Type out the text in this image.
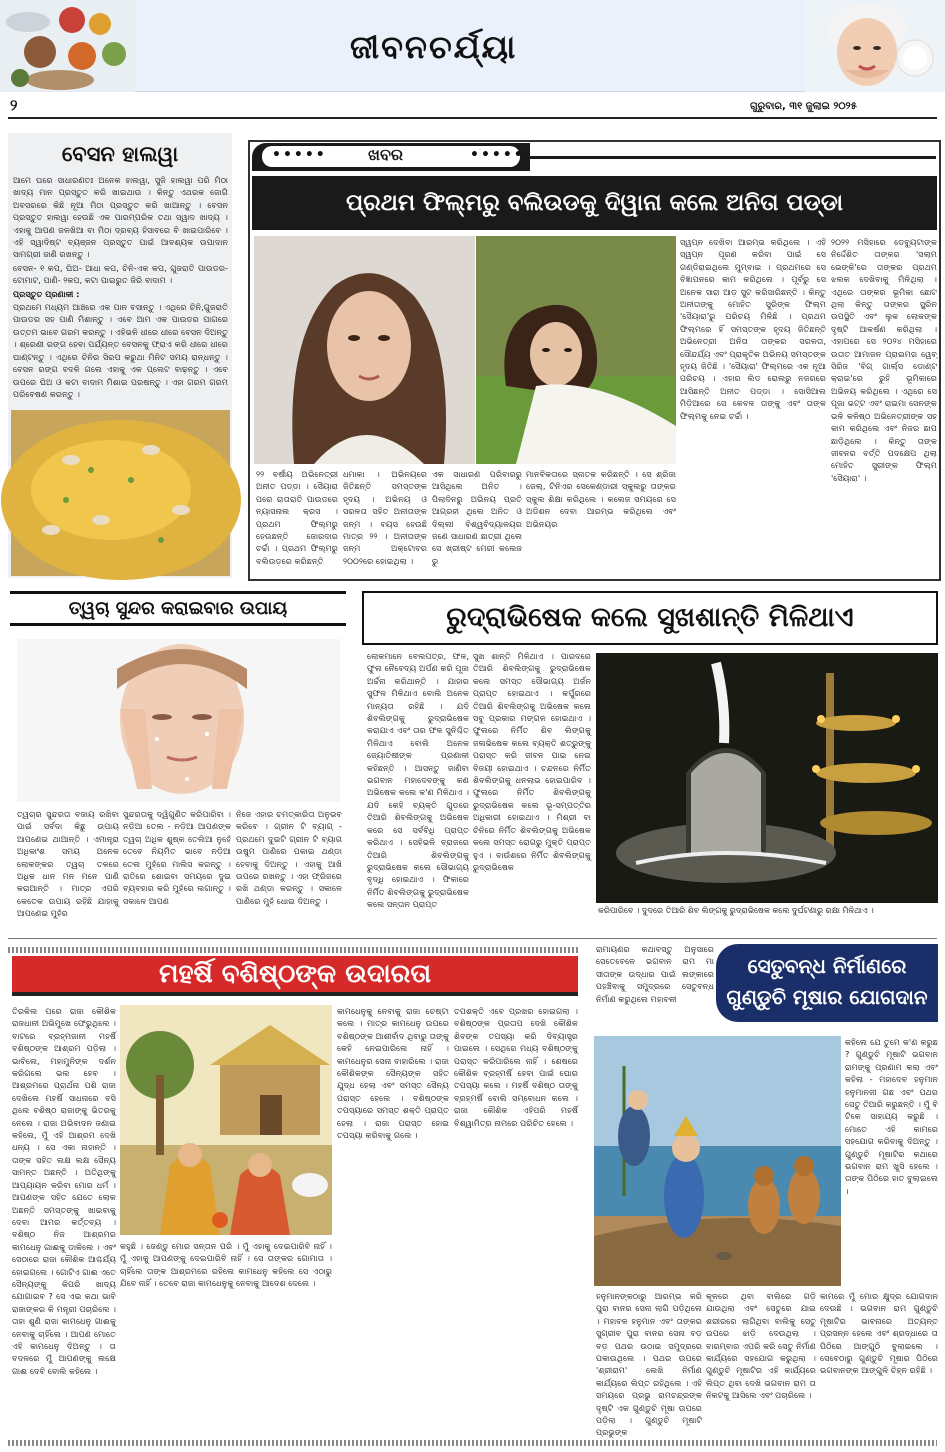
ଜୀବନଚର୍ଯ୍ୟା
୨	ଗୁରୁବାର, ୩୧ ଜୁଲାଇ ୨୦୨୫
ବେସନ ହାଲୱା

ଆମେ ଘରେ ସାଧାରଣତଃ ଅନେକ ହାଲୱା, ସୁଜି ହାଲୱା ପରି ମିଠା ଖାଦ୍ୟ ମାନ ପ୍ରସ୍ତୁତ କରି ଖାଇଥାଉ । କିନ୍ତୁ ଏଥରକ ଜୋଗି ଅବସରରେ କିଛି ନୂଆ ମିଠା ପ୍ରସ୍ତୁତ କରି ଖାଆନ୍ତୁ । ବେସନ ପ୍ରସ୍ତୁତ ହାଲୱା ହେଉଛି ଏକ ପାରମ୍ପରିକ ତଥା ସ୍ୱାଦ ଖାଦ୍ୟ । ଏହାକୁ ଆପଣ ଜଳଖିଆ ବା ମିଠା ଦ୍ରବ୍ୟ ହିସାବରେ ବି ଖାଇପାରିବେ । ଏହି ସ୍ୱାଦିଷ୍ଟ ବ୍ୟଞ୍ଜନ ପ୍ରସ୍ତୁତ ପାଇଁ ଆବଶ୍ୟକ ଉପାଦାନ ସାମଗ୍ରୀ ଜାଣି ରଖନ୍ତୁ ।

ବେସନ- ୧ କପ, ଘିଅ- ଆଧା କପ, ଚିନି-ଏକ କପ, ଗୁଜରାତି ପାଉଡର- ଟୋମାଟ, ପାଣି- ୨କପ, କଟା ପାଇରୁତ ଜିରି ବାଦାମ ।

ପ୍ରସ୍ତୁତ ପ୍ରଣାଳୀ :

ପ୍ରଥମେ ମଧ୍ୟମ ଆଞ୍ଚରେ ଏକ ପାନ ବସାନ୍ତୁ । ଏଥିରେ ଚିନି,ଗୁଜରାତି ପାଉଡର ସହ ପାଣି ମିଶାନ୍ତୁ । ଏବେ ଆମ ଏକ ପାଉଡର ପାଗରେ ଉତ୍ତମ ଭାବେ ଗରମ କରନ୍ତୁ । ଏହିଭଳି ଧୀରେ ଧୀରେ ବେସନ ଦିଅନ୍ତୁ । ଶ୍ରେଣୀ ରଙ୍ଗ ହେବା ପର୍ଯ୍ୟନ୍ତ ବେସନକୁ ଫ୍ରାଏ କରି ଧୀରେ ଧୀରେ ଘାଣ୍ଟନ୍ତୁ । ଏଥିରେ ଚିନିର ସିରପ କରୁଥା ମିନିଟ ସମୟ ରାନ୍ଧନ୍ତୁ । ବେସନ ରଙ୍ଗ ବଦଳି ଗଲେ ଏହାକୁ ଏକ ପ୍ଲେଟ ବାଢ଼ନ୍ତୁ । ଏବେ ଉପରେ ଘିଅ ଓ କଟା ବାଦାମ ମିଶାଇ ପରଷନ୍ତୁ । ଏହା ଗରମ ଗରମ ପରିବେଷଣ କରନ୍ତୁ ।

•••••	ଖବର	•••••
ପ୍ରଥମ ଫିଲ୍ମରୁ ବଲିଉଡକୁ ଦିୱାନା କଲେ ଅନିତା ପଡ୍ଡା
୨୨ ବର୍ଷୀୟ ଅଭିନେତ୍ରୀ ଅନୀତ ପଡ୍ଡା । ସୈୟାରା ପରେ ରାତାରାତି ପାଉଡରେ ନ୍ୟାସନାଲ କ୍ରସ । ପ୍ରଥମ ଫିଲ୍ମରୁ ହେଉଛନ୍ତି ଜୋରଦାର ଚର୍ଚ୍ଚା । ପ୍ରଥମ ଫିଲ୍ମରୁ ବଲିଉଡ଼ରେ କରିଛନ୍ତି
ଧମାକା । ଅଭିନୟରେ ଜିତିଛନ୍ତି ସମସ୍ତଙ୍କ ହୃଦୟ । ଅଭିନୟ ଓ ସରଳତା ସହିତ ଅନୀତାଙ୍କ ଜନ୍ମ । ବୟସ ହେଉଛି ମାତ୍ର ୨୨ । ଅନୀତାଙ୍କ ଜନ୍ମ ଅକ୍ଟୋବର ୨୦୦୨ରେ ହୋଇଥିଲା ।
ଏକ ସାଧାରଣ ପରିବାରରୁ ଆସିଥିଲେ ଅନିତ । ପିଲାଦିନରୁ ଅଭିନୟ ପ୍ରତି ଆଗ୍ରହୀ ଥିଲେ ଅନିତ ଓ ଦିଲ୍ଲୀ ବିଶ୍ୱବିଦ୍ୟାଳୟର ଜଣେ ସାଧାରଣ ଛାତ୍ରୀ ଥିଲେ ସେ ଖ୍ରୀଷ୍ଟ ମେରୀ କଲେଜ ରୁ
ମାନବିକତାରେ ସ୍ନାତକ କରିଛନ୍ତି । ସେ ଶ୍ରିଜା ଜେଲ୍, ଟିନିଏର ସେକେଣ୍ଡାରୀ ସ୍କୁଲରୁ ତାଙ୍କର ସ୍କୁଲ ଶିକ୍ଷା କରିଥିଲେ । କଲେଜ ସମୟରେ ସେ ଅଡିଶନ ଦେବା ଆରମ୍ଭ କରିଥିଲେ ଏବଂ ଅଭିନୟର
ସ୍ୱପ୍ନ ଦେଖିବା ଆରମ୍ଭ କରିଥିଲେ । ଏହି ସ୍ୱପ୍ନ ପୂରଣ କରିବା ପାଇଁ ସେ ଗଣ୍ଡିରାଇଥିଲେ ମୁମ୍ବାଇ । ପ୍ରଥମରେ ସେ ବିଜ୍ଞାପନରେ କାମ କରିଥିଲେ । ପୂର୍ବରୁ ସେ ଅନେକ ସାରା ଆଡ଼ ସୁଟ କରିସାରିଛନ୍ତି । କିନ୍ତୁ ଅନୀତାଙ୍କୁ ମୋହିତ ସୁରିଙ୍କ ଫିଲ୍ମ 'ସୈୟାରା'ରୁ ପରିଚୟ ମିଳିଛି । ପ୍ରଥମ ଫିଲ୍ମରେ ହିଁ ସମସ୍ତଙ୍କ ହୃଦୟ ଜିତିଛନ୍ତି ଅଭିନେତ୍ରୀ ଅନିତା ତାଙ୍କର ସରଳତା, ସୌନ୍ଦର୍ଯ୍ୟ ଏବଂ ପ୍ରାକୃତିକ ଅଭିନୟ ସମସ୍ତଙ୍କ ହୃଦୟ ଜିତିଛି । 'ସୈୟାରା' ଫିଲ୍ମରେ ଏକ ନୂଆ ପରିଚୟ । ଏହାର ଲିଡ ରୋଲରୁ ନଜରରେ ଆସିଛନ୍ତି ଅନୀତ ପଡ୍ଡା । ସୋସିଆଲ ମିଡ଼ିଆରେ ସେ କେବଳ ତାଙ୍କୁ ଏବଂ ତାଙ୍କ ଫିଲ୍ମକୁ ନେଇ ଚର୍ଚ୍ଚା ।
୨୦୨୨ ମସିହାରେ ଡେବ୍ୟୁଟାଙ୍କ ନିର୍ଦ୍ଦେଶିତ ତାଙ୍କର 'ସଲାମ ଭେଙ୍କି'ରେ ତାଙ୍କର ପ୍ରଥମ ଝଲକ ଦେଖିବାକୁ ମିଳିଥିଲା । ଏଥିରେ ତାଙ୍କର ଭୂମିକା ଛୋଟ ଥିଲା କିନ୍ତୁ ତାଙ୍କର ସ୍କ୍ରିନ ଉପସ୍ଥିତି ଏବଂ ଲୁକ ଲୋକଙ୍କ ଦୃଷ୍ଟି ଆକର୍ଷଣ କରିଥିଲା । ଏହାପରେ ସେ ୨୦୨୪ ମସିହାରେ ଉତାତ ଆମାଜନ ପ୍ରାଇମର ୱେବ୍ ସିରିଜ 'ବିଗ୍ ଗାର୍ଲ୍ସ ଡୋଣ୍ଟ କ୍ରାଇ'ରେ ରୁହି ଭୂମିକାରେ ଅଭିନୟ କରିଥିଲେ । ଏଥିରେ ସେ ପୂଜା ଭଟ୍ଟ ଏବଂ ରାଇମା ସେନଙ୍କ ଭଳି କଳିଷ୍ଠ ଅଭିନେତ୍ରୀଙ୍କ ସହ କାମ କରିଥିଲେ ଏବଂ ନିଜର ଛାପ ଛାଡ଼ିଥିଲେ । କିନ୍ତୁ ତାଙ୍କ ଜୀବନର ବର୍ତ୍ତି ପଦକ୍ଷେପ ଥିଲା ମୋହିତ ସୁରୀଙ୍କ ଫିଲ୍ମ 'ସୈୟାରା' ।
ତ୍ୱଚା ସୁନ୍ଦର କରାଇବାର ଉପାୟ
ତ୍ୱଚାର ସୁନ୍ଦରତା ବଜାୟ ରଖିବା ପାଇଁ ସର୍ବଦା କିଛୁ ଉପାୟ ଆପଣେଇ ଥାଆନ୍ତି । ଏମାନ୍ତ୍ରା ଅଧିକାଂଶ ସମୟ ଅନେକ ଲୋକଙ୍କର ତ୍ୱଚା ତଳରେ ଅଧିକ ଧାନ ମନ ମନେ ପାଣି କରାଆନ୍ତି । ମାତ୍ର ଏପରି କେତେକ ଉପାୟ ରହିଛି ଯାହାକୁ ଆପଣେଇ ମୁହଁର
ସୁନ୍ଦରତାକୁ ଦ୍ୱିଗୁଣିତ କରିପାରିବା । ନଡ଼ିଆ ତେଲ - ନଡ଼ିଆ ଆପଣଙ୍କ ତ୍ୱଚା ଅଧିକ ଶୁଷ୍କ ତେଲିଆ ନୁହେଁ ତେବେ ନିୟମିତ ଭାବେ ନଡ଼ିଆ ତେଲ ମୁହଁରେ ମାଲିସ କରନ୍ତୁ । ରାତିରେ ଶୋଇବା ସମୟରେ ଦୁଇ ବ୍ୟବହାର କରି ମୁହଁରେ ଲଗାନ୍ତୁ । ସକାଳେ ଆପଣ
ନିଜେ ଏହାର ଚମତ୍କାରିତା ଅନୁଭବ କରିବେ । ଗ୍ରୀନ ଟି ବ୍ୟାଗ୍ - ପ୍ରଥମେ ଦୁଇଟି ଗ୍ରୀନ ଟି ବ୍ୟାଗ ଉଷୁମ ପାଣିରେ ପକାଇ ଥଣ୍ଡା ହେବାକୁ ଦିଅନ୍ତୁ । ଏହାକୁ ଆଖି ଉପରେ ରଖନ୍ତୁ । ଏହା ଫ୍ରିଜରେ ରଖି ଥଣ୍ଡା କରନ୍ତୁ । ସକାଳେ ପାଣିରେ ମୁହଁ ଧୋଇ ଦିଅନ୍ତୁ ।
ରୁଦ୍ରାଭିଷେକ କଲେ ସୁଖଶାନ୍ତି ମିଳିଥାଏ
ଲୋକମାନେ ବେଲପତ୍ର, ଫଳ, ଫୁଲ ନୈବେଦ୍ୟ ଅର୍ପଣ କରି ପୂଜା ଅର୍ଚ୍ଚନା କରିଥାନ୍ତି । ଯାହାର ସୁଫଳ ମିଳିଥାଏ ବୋଲି ଅନେକ ମାନ୍ୟତା ରହିଛି । ଯଦି ଶିବଲିଙ୍ଗକୁ ରୁଦ୍ରାଭିଷେକ କରାଯାଏ ଏବଂ ତାର ଫଳ ସୁନିଶ୍ଚିତ ମିଳିଥାଏ ବୋଲି ଅନେକ ଜ୍ୟୋତିଷୀଙ୍କ ପ୍ରଣାଳୀ କହିଛନ୍ତି । ଆସନ୍ତୁ ଜାଣିବା ଭଗବାନ ମହାଦେବଙ୍କୁ କଣ ଅଭିଷେକ କଲେ କ'ଣ ମିଳିଥାଏ । ଯଦି କେହି ବ୍ୟକ୍ତି ଗୁଡରେ ତିଆରି ଶିବଲିଙ୍ଗକୁ ଅଭିଷେକ କରେ ସେ ସର୍ବବିଧି ପ୍ରାପ୍ତ କରିଥାଏ । ସେହିଭଳି ବ୍ରାଜରେ ତିଆରି ଶିବଲିଙ୍ଗକୁ ରୁଦ୍ରାଭିଷେକ କଲେ ସୌଭାଗ୍ୟ ବୃଦ୍ଧି ହୋଇଥାଏ । ଫିକାରେ ନିର୍ମିତ ଶିବଲିଙ୍ଗକୁ ରୁଦ୍ରାଭିଷେକ କଲେ ସନ୍ତାନ ପ୍ରାପ୍ତ
ସୁଖ ଶାନ୍ତି ମିଳିଥାଏ । ପାରଦରେ ତିଆରି ଶିବଲିଙ୍ଗକୁ ରୁଦ୍ରାଭିଷେକ କଲେ ସମସ୍ତ ସୌଭାଗ୍ୟ ଅର୍ଜନ ପ୍ରାପ୍ତ ହୋଇଥାଏ । କର୍ପୁରରେ ତିଆରି ଶିବଲିଙ୍ଗକୁ ଅଭିଷେକ କଲେ ସବୁ ପ୍ରକାର ମଙ୍ଗଳ ହୋଇଥାଏ । ଫୁଲରେ ନିର୍ମିତ ଶିବ ଲିଙ୍ଗକୁ ଜଳାଭିଷେକ କଲେ ବ୍ୟକ୍ତି ଶତ୍ରୁଙ୍କୁ ପରାସ୍ତ କରି ଜୀବନ ପାଇ ନେଇ ବିଜୟୀ ହୋଇଥାଏ । ଚନ୍ଦନରେ ନିର୍ମିତ ଶିବଲିଙ୍ଗକୁ ଧନଲାଭ ହୋଇପାରିବ । ଫୁଲରେ ନିର୍ମିତ ଶିବଲିଙ୍ଗକୁ ରୁଦ୍ରାଭିଷେକ କଲେ ଭୂ-ସମ୍ପତ୍ତିର ଅଧିକାରୀ ହୋଇଥାଏ । ମିଶ୍ରୀ ବା ଚିନିରେ ନିର୍ମିତ ଶିବଲିଙ୍ଗକୁ ଅଭିଷେକ କଲେ ସମସ୍ତ ରୋଗରୁ ମୁକ୍ତି ପ୍ରାପ୍ତ ହୁଏ । ବାଉଁଶରେ ନିର୍ମିତ ଶିବଲିଙ୍ଗକୁ ରୁଦ୍ରାଭିଷେକ
କରିପାରିବେ । ଦୁଦରେ ତିଆରି ଶିବ ଲିଙ୍ଗକୁ ରୁଦ୍ରାଭିଷେକ କଲେ ଦୁର୍ଘଟଣାରୁ ରକ୍ଷା ମିଳିଥାଏ ।
ମହର୍ଷି ବଶିଷ୍ଠଙ୍କ ଉଦାରତା
ତିରକିଲ ପରେ ରାଜା କୌଶିକ ରାଜଧାନୀ ଅଭିମୁଖେ ଫେରୁଥିଲେ । ବାଟରେ ବ୍ରହ୍ମଜାନୀ ମହର୍ଷି ବଶିଷ୍ଠଙ୍କ ଆଶ୍ରମ ପଡ଼ିଲା । ଭାବିଲେ, ମହାମୁନିଙ୍କ ଦର୍ଶନ କରିଗଲେ ଭଲ ହେବ । ଆଶ୍ରମରେ ପ୍ରାର୍ଥନା ପଶି ରାଜା ଦେଖିଲେ ମହର୍ଷି ସାଧନାରେ ବସି ଥିଲେ ବଶିଷ୍ଠ ରାଜାଙ୍କୁ ଭିତରକୁ ନେଲେ । ରାଜା ଅଭିବାଦନ ଜଣାଇ କହିଲେ, ମୁଁ ଏହି ଆଶ୍ରମ ଦେଖି ଧନ୍ୟ । ସେ ଏକା ନାହାନ୍ତି । ତାଙ୍କ ସହିତ ଲକ୍ଷ ଲକ୍ଷ ସୈନ୍ୟ ସାମନ୍ତ ଅଛନ୍ତି । ଅତିଥିଙ୍କୁ ଆପ୍ୟାୟନ କରିବା ମୋର ଧର୍ମ । ଆପଣଙ୍କ ସହିତ ଯେତେ ଲୋକ ଅଛନ୍ତି ସମସ୍ତଙ୍କୁ ଖାଇବାକୁ ଦେବା ଆମର କର୍ତ୍ତବ୍ୟ । ବଶିଷ୍ଠ ନିଜ ଆଶ୍ରମର କାମଧେନୁ ଗାଈକୁ ଡାକିଲେ । ଏବଂ ସେଠାରେ ରାଜା କୌଶିକ ଆଶ୍ଚର୍ଯ୍ୟ ହୋଇଗଲେ । ଗୋଟିଏ ଗାଈ ଏତେ ସୈନ୍ୟଙ୍କୁ କିପରି ଖାଦ୍ୟ ଯୋଗାଇବ ? ସେ ଏଇ କଥା ଭାବି ରାଜାଙ୍କର କି ମନ୍ତ୍ରୀ ପଚାରିଲେ । ତାହା ଶୁଣି ରାଜା କାମଧେନୁ ଗାଈକୁ ନେବାକୁ ଚାହିଁଲେ । ଆପଣ ମୋତେ ଏହି କାମଧେନୁ ଦିଅନ୍ତୁ । ତା ବଦଳରେ ମୁଁ ଆପଣଙ୍କୁ ଲକ୍ଷେ ଗାଈ ଦେବି ବୋଲି କହିଲେ ।
କହୁଛି । ଜେଣ୍ଡୁ ମୋର ସନ୍ତାନ ପରି । ମୁଁ ଏହାକୁ ଦେଇପାରିବି ନାହିଁ । ମୁଁ ଏହାକୁ ଆପଣଙ୍କୁ ଦେଇପାରିବି ନାହିଁ । ସେ ତାଙ୍କର ଗୋମାତା । ଚାହିଁଲେ ତାଙ୍କ ଆଶ୍ରମରେ ରହିଲେ କାମଧେନୁ କହିଲେ ସେ ଏଠାରୁ ଯିବେ ନାହିଁ । ତେବେ ରାଜା କାମଧେନୁକୁ ନେବାକୁ ଆଦେଶ ଦେଲେ ।
କାମଧେନୁକୁ ନେବାକୁ ରାଜା ଚେଷ୍ଟା କଲେ । ମାତ୍ର କାମଧେନୁ ଉପରେ ବଶିଷ୍ଠଙ୍କ ଆଶୀର୍ବାଦ ଥିବାରୁ ତାଙ୍କୁ କେହି ନେଇପାରିଲେ ନାହିଁ । କାମଧେନୁର ସେନା ବାହାରିଲେ । ରାଜା କୌଶିକଙ୍କ ସୈନ୍ୟଙ୍କ ସହିତ ଯୁଦ୍ଧ ହେଲା ଏବଂ ସମସ୍ତ ସୈନ୍ୟ ପରାସ୍ତ ହେଲେ । ବଶିଷ୍ଠଙ୍କ ତପସ୍ୟାରେ ସମସ୍ତ ଶକ୍ତି ପ୍ରାପ୍ତ ହେଲା । ରାଜା ପରାସ୍ତ ହୋଇ ତପସ୍ୟା କରିବାକୁ ଗଲେ ।
ତପଶକ୍ତି ଏବେ ପ୍ରଖର ହୋଇଗଲା । ବଶିଷ୍ଠଙ୍କ ପ୍ରତାପ ଦେଖି କୌଶିକ ଶିବଙ୍କ ତପସ୍ୟା କରି ଦିବ୍ୟାସ୍ତ୍ର ପାଇଲେ । ସେଥିରେ ମଧ୍ୟ ବଶିଷ୍ଠଙ୍କୁ ପରାସ୍ତ କରିପାରିଲେ ନାହିଁ । ଶେଷରେ କୌଶିକ ବ୍ରହ୍ମର୍ଷି ହେବା ପାଇଁ ଘୋର ତପସ୍ୟା କଲେ । ମହର୍ଷି ବଶିଷ୍ଠ ତାଙ୍କୁ ବ୍ରହ୍ମର୍ଷି ବୋଲି ସମ୍ବୋଧନ କଲେ । ରାଜା କୌଶିକ ଏହିପରି ମହର୍ଷି ବିଶ୍ୱାମିତ୍ର ନାମରେ ପରିଚିତ ହେଲେ ।
ରାମାୟଣର କଥାବସ୍ତୁ ଅନୁସାରେ ସେତେବେଳେ ଭଗବାନ ରାମ ମା ସୀତାଙ୍କ ଉଦ୍ଧାର ପାଇଁ ଲଙ୍କାରେ ପହଞ୍ଚିବାକୁ ସମୁଦ୍ରରେ ସେତୁବନ୍ଧ ନିର୍ମାଣ କରୁଥିଲେ ମହାବଳୀ
ସେତୁବନ୍ଧ ନିର୍ମାଣରେ
ଗୁଣ୍ଡୁଚି ମୂଷାର ଯୋଗଦାନ
କହିଲେ ଯେ ତୁମେ କ'ଣ କରୁଛ ? ଗୁଣ୍ଡୁଚି ମୂଷାଟି ଭଗବାନ ରାମଙ୍କୁ ପ୍ରଣାମ କଲା ଏବଂ କହିଲା - ମହାଦେବ ହନୁମାନ ହନୁମାନଜୀ ଗଛ ଏବଂ ପଥର ସେତୁ ତିଆରି କରୁଛନ୍ତି । ମୁଁ ବି ଟିକେ ସାହାଯ୍ୟ କରୁଛି । ମୋତେ ଏହି କାମରେ ସହଯୋଗ କରିବାକୁ ଦିଅନ୍ତୁ । ଗୁଣ୍ଡୁଚି ମୂଷାଟିର କଥାରେ ଭଗବାନ ରାମ ଖୁସି ହେଲେ । ତାଙ୍କ ପିଠିରେ ହାତ ବୁଲାଇଲେ ।
ହନୁମାନଙ୍କଠାରୁ ଆରମ୍ଭ କରି ପୁରା ବାନର ସେନା ଲାଗି ପଡ଼ିଥିଲେ । ମହାବଳ ହନୁମାନ ଏବଂ ତାଙ୍କର ସୁଗ୍ରୀବ ପୁରା ବାନର ସେନା ବଡ଼ ବଡ଼ ପଥର ଉଠାଇ ସମୁଦ୍ରରେ ପକାଉଥିଲେ । ପଥର ଉପରେ 'ଶ୍ରୀରାମ' ଲେଖି ନିର୍ମାଣ କାର୍ଯ୍ୟରେ ଲିପ୍ତ ରହିଥିଲେ । ଏହି ସମୟରେ ପ୍ରଭୁ ରାମଚନ୍ଦ୍ରଙ୍କ ଦୃଷ୍ଟି ଏକ ଗୁଣ୍ଡୁଚି ମୂଷା ଉପରେ ପଡ଼ିଲା । ଗୁଣ୍ଡୁଚି ମୂଷାଟି ପ୍ରଭୁଙ୍କ
କୂଳରେ ଥିବା ବାଲିରେ ଗଡ଼ି ଯାଉଥିଲା ଏବଂ ସେତୁରେ ଯାଇ ଶରୀରରେ ଲାଗିଥିବା ବାଲିକୁ ସେତୁ ଉପରେ ଝାଡ଼ି ଦେଉଥିଲା । ବାରମ୍ବାର ଏପରି କରି ସେତୁ ନିର୍ମାଣ କାର୍ଯ୍ୟରେ ସହଯୋଗ କରୁଥିଲା । ଗୁଣ୍ଡୁଚି ମୂଷାଟିର ଏହି କାର୍ଯ୍ୟରେ ଲିପ୍ତ ଥିବା ଦେଖି ଭଗବାନ ରାମ ତା ନିକଟକୁ ଆସିଲେ ଏବଂ ପଚାରିଲେ ।
କାମରେ ମୁଁ ମୋର କ୍ଷୁଦ୍ର ଯୋଗଦାନ ଦେଉଛି । ଭଗବାନ ରାମ ଗୁଣ୍ଡୁଚି ମୂଷାଟିର ଭାବନାରେ ଅତ୍ୟନ୍ତ ପ୍ରସନ୍ନ ହେଲେ ଏବଂ ଶ୍ରଦ୍ଧାରେ ତା ପିଠିରେ ଆଙ୍ଗୁଠି ବୁଲାଇଲେ । ସେବେଠାରୁ ଗୁଣ୍ଡୁଚି ମୂଷାର ପିଠିରେ ଭଗବାନଙ୍କ ଆଙ୍ଗୁଳି ଚିହ୍ନ ରହିଛି ।
